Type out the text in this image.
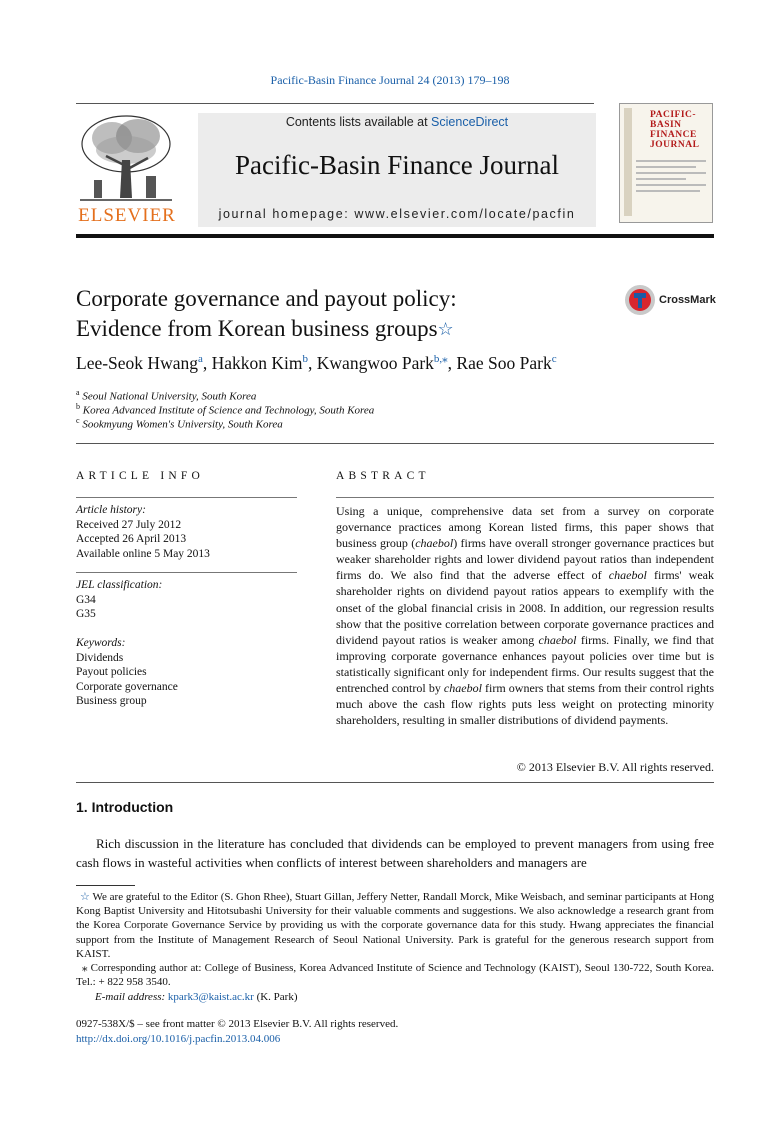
Pacific-Basin Finance Journal 24 (2013) 179–198
ELSEVIER
Contents lists available at ScienceDirect
Pacific-Basin Finance Journal
journal homepage: www.elsevier.com/locate/pacfin
PACIFIC-
BASIN
FINANCE
JOURNAL
Corporate governance and payout policy:
Evidence from Korean business groups☆
CrossMark
Lee-Seok Hwang$^a$, Hakkon Kim$^b$, Kwangwoo Park$^{b,⁎}$, Rae Soo Park$^c$
$^a$ Seoul National University, South Korea
$^b$ Korea Advanced Institute of Science and Technology, South Korea
$^c$ Sookmyung Women's University, South Korea
ARTICLE INFO
Article history:
Received 27 July 2012
Accepted 26 April 2013
Available online 5 May 2013
JEL classification:
G34
G35
Keywords:
Dividends
Payout policies
Corporate governance
Business group
ABSTRACT
Using a unique, comprehensive data set from a survey on corporate governance practices among Korean listed firms, this paper shows that business group (chaebol) firms have overall stronger governance practices but weaker shareholder rights and lower dividend payout ratios than independent firms do. We also find that the adverse effect of chaebol firms' weak shareholder rights on dividend payout ratios appears to exemplify with the onset of the global financial crisis in 2008. In addition, our regression results show that the positive correlation between corporate governance practices and dividend payout ratios is weaker among chaebol firms. Finally, we find that improving corporate governance enhances payout policies over time but is statistically significant only for independent firms. Our results suggest that the entrenched control by chaebol firm owners that stems from their control rights much above the cash flow rights puts less weight on protecting minority shareholders, resulting in smaller distributions of dividend payments.
© 2013 Elsevier B.V. All rights reserved.
1. Introduction
Rich discussion in the literature has concluded that dividends can be employed to prevent managers from using free cash flows in wasteful activities when conflicts of interest between shareholders and managers are
☆ We are grateful to the Editor (S. Ghon Rhee), Stuart Gillan, Jeffery Netter, Randall Morck, Mike Weisbach, and seminar participants at Hong Kong Baptist University and Hitotsubashi University for their valuable comments and suggestions. We also acknowledge a research grant from the Korea Corporate Governance Service by providing us with the corporate governance data for this study. Hwang appreciates the financial support from the Institute of Management Research of Seoul National University. Park is grateful for the generous research support from KAIST.
⁎ Corresponding author at: College of Business, Korea Advanced Institute of Science and Technology (KAIST), Seoul 130-722, South Korea. Tel.: + 822 958 3540.
E-mail address: kpark3@kaist.ac.kr (K. Park)
0927-538X/$ – see front matter © 2013 Elsevier B.V. All rights reserved.
http://dx.doi.org/10.1016/j.pacfin.2013.04.006
